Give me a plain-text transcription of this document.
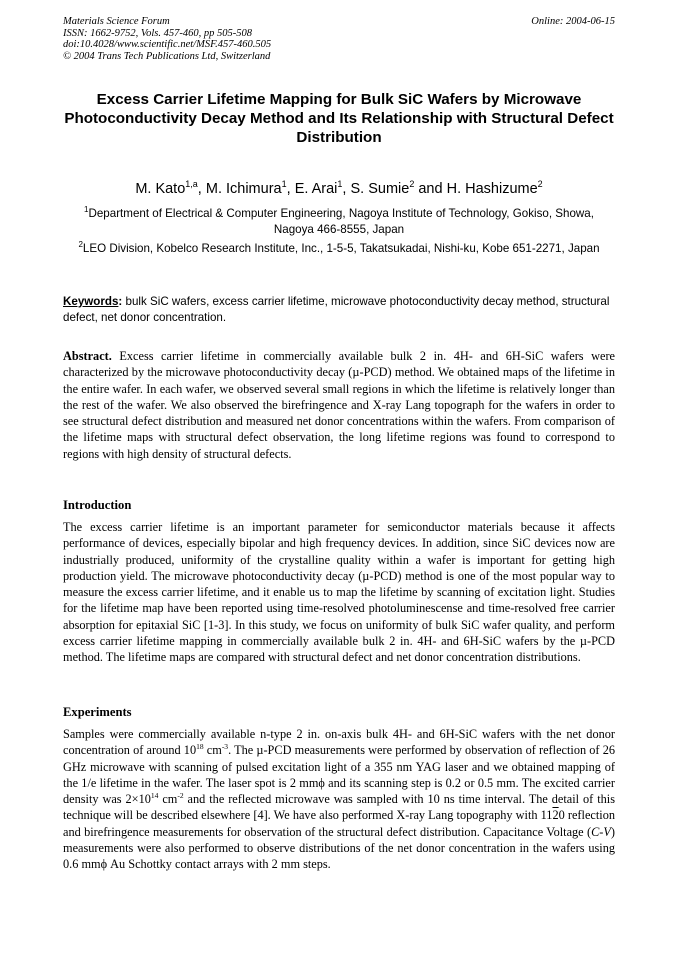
Materials Science Forum
ISSN: 1662-9752, Vols. 457-460, pp 505-508
doi:10.4028/www.scientific.net/MSF.457-460.505
© 2004 Trans Tech Publications Ltd, Switzerland
Online: 2004-06-15
Excess Carrier Lifetime Mapping for Bulk SiC Wafers by Microwave Photoconductivity Decay Method and Its Relationship with Structural Defect Distribution
M. Kato$^{1,a}$, M. Ichimura$^1$, E. Arai$^1$, S. Sumie$^2$ and H. Hashizume$^2$
$^1$Department of Electrical & Computer Engineering, Nagoya Institute of Technology, Gokiso, Showa, Nagoya 466-8555, Japan
$^2$LEO Division, Kobelco Research Institute, Inc., 1-5-5, Takatsukadai, Nishi-ku, Kobe 651-2271, Japan
Keywords: bulk SiC wafers, excess carrier lifetime, microwave photoconductivity decay method, structural defect, net donor concentration.
Abstract. Excess carrier lifetime in commercially available bulk 2 in. 4H- and 6H-SiC wafers were characterized by the microwave photoconductivity decay (µ-PCD) method. We obtained maps of the lifetime in the entire wafer. In each wafer, we observed several small regions in which the lifetime is relatively longer than the rest of the wafer. We also observed the birefringence and X-ray Lang topograph for the wafers in order to see structural defect distribution and measured net donor concentrations within the wafers. From comparison of the lifetime maps with structural defect observation, the long lifetime regions was found to correspond to regions with high density of structural defects.
Introduction
The excess carrier lifetime is an important parameter for semiconductor materials because it affects performance of devices, especially bipolar and high frequency devices. In addition, since SiC devices now are industrially produced, uniformity of the crystalline quality within a wafer is important for getting high production yield. The microwave photoconductivity decay (µ-PCD) method is one of the most popular way to measure the excess carrier lifetime, and it enable us to map the lifetime by scanning of excitation light. Studies for the lifetime map have been reported using time-resolved photoluminescense and time-resolved free carrier absorption for epitaxial SiC [1-3]. In this study, we focus on uniformity of bulk SiC wafer quality, and perform excess carrier lifetime mapping in commercially available bulk 2 in. 4H- and 6H-SiC wafers by the µ-PCD method. The lifetime maps are compared with structural defect and net donor concentration distributions.
Experiments
Samples were commercially available n-type 2 in. on-axis bulk 4H- and 6H-SiC wafers with the net donor concentration of around $10^{18}$ $cm^{-3}$. The µ-PCD measurements were performed by observation of reflection of 26 GHz microwave with scanning of pulsed excitation light of a 355 nm YAG laser and we obtained mapping of the 1/e lifetime in the wafer. The laser spot is 2 mmϕ and its scanning step is 0.2 or 0.5 mm. The excited carrier density was $2\times 10^{14}$ $cm^{-2}$ and the reflected microwave was sampled with 10 ns time interval. The detail of this technique will be described elsewhere [4]. We have also performed X-ray Lang topography with 1120 reflection and birefringence measurements for observation of the structural defect distribution. Capacitance Voltage (C-V) measurements were also performed to observe distributions of the net donor concentration in the wafers using 0.6 mmϕ Au Schottky contact arrays with 2 mm steps.
